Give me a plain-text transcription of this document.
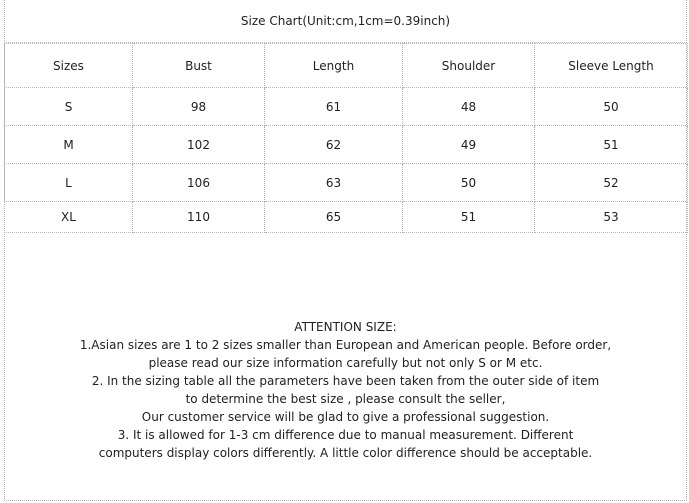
Size Chart(Unit:cm,1cm=0.39inch)
Sizes	Bust	Length	Shoulder	Sleeve Length
S	98	61	48	50
M	102	62	49	51
L	106	63	50	52
XL	110	65	51	53

ATTENTION SIZE:

1.Asian sizes are 1 to 2 sizes smaller than European and American people. Before order,

please read our size information carefully but not only S or M etc.

2. In the sizing table all the parameters have been taken from the outer side of item

to determine the best size , please consult the seller,

Our customer service will be glad to give a professional suggestion.

3. It is allowed for 1-3 cm difference due to manual measurement. Different

computers display colors differently. A little color difference should be acceptable.
